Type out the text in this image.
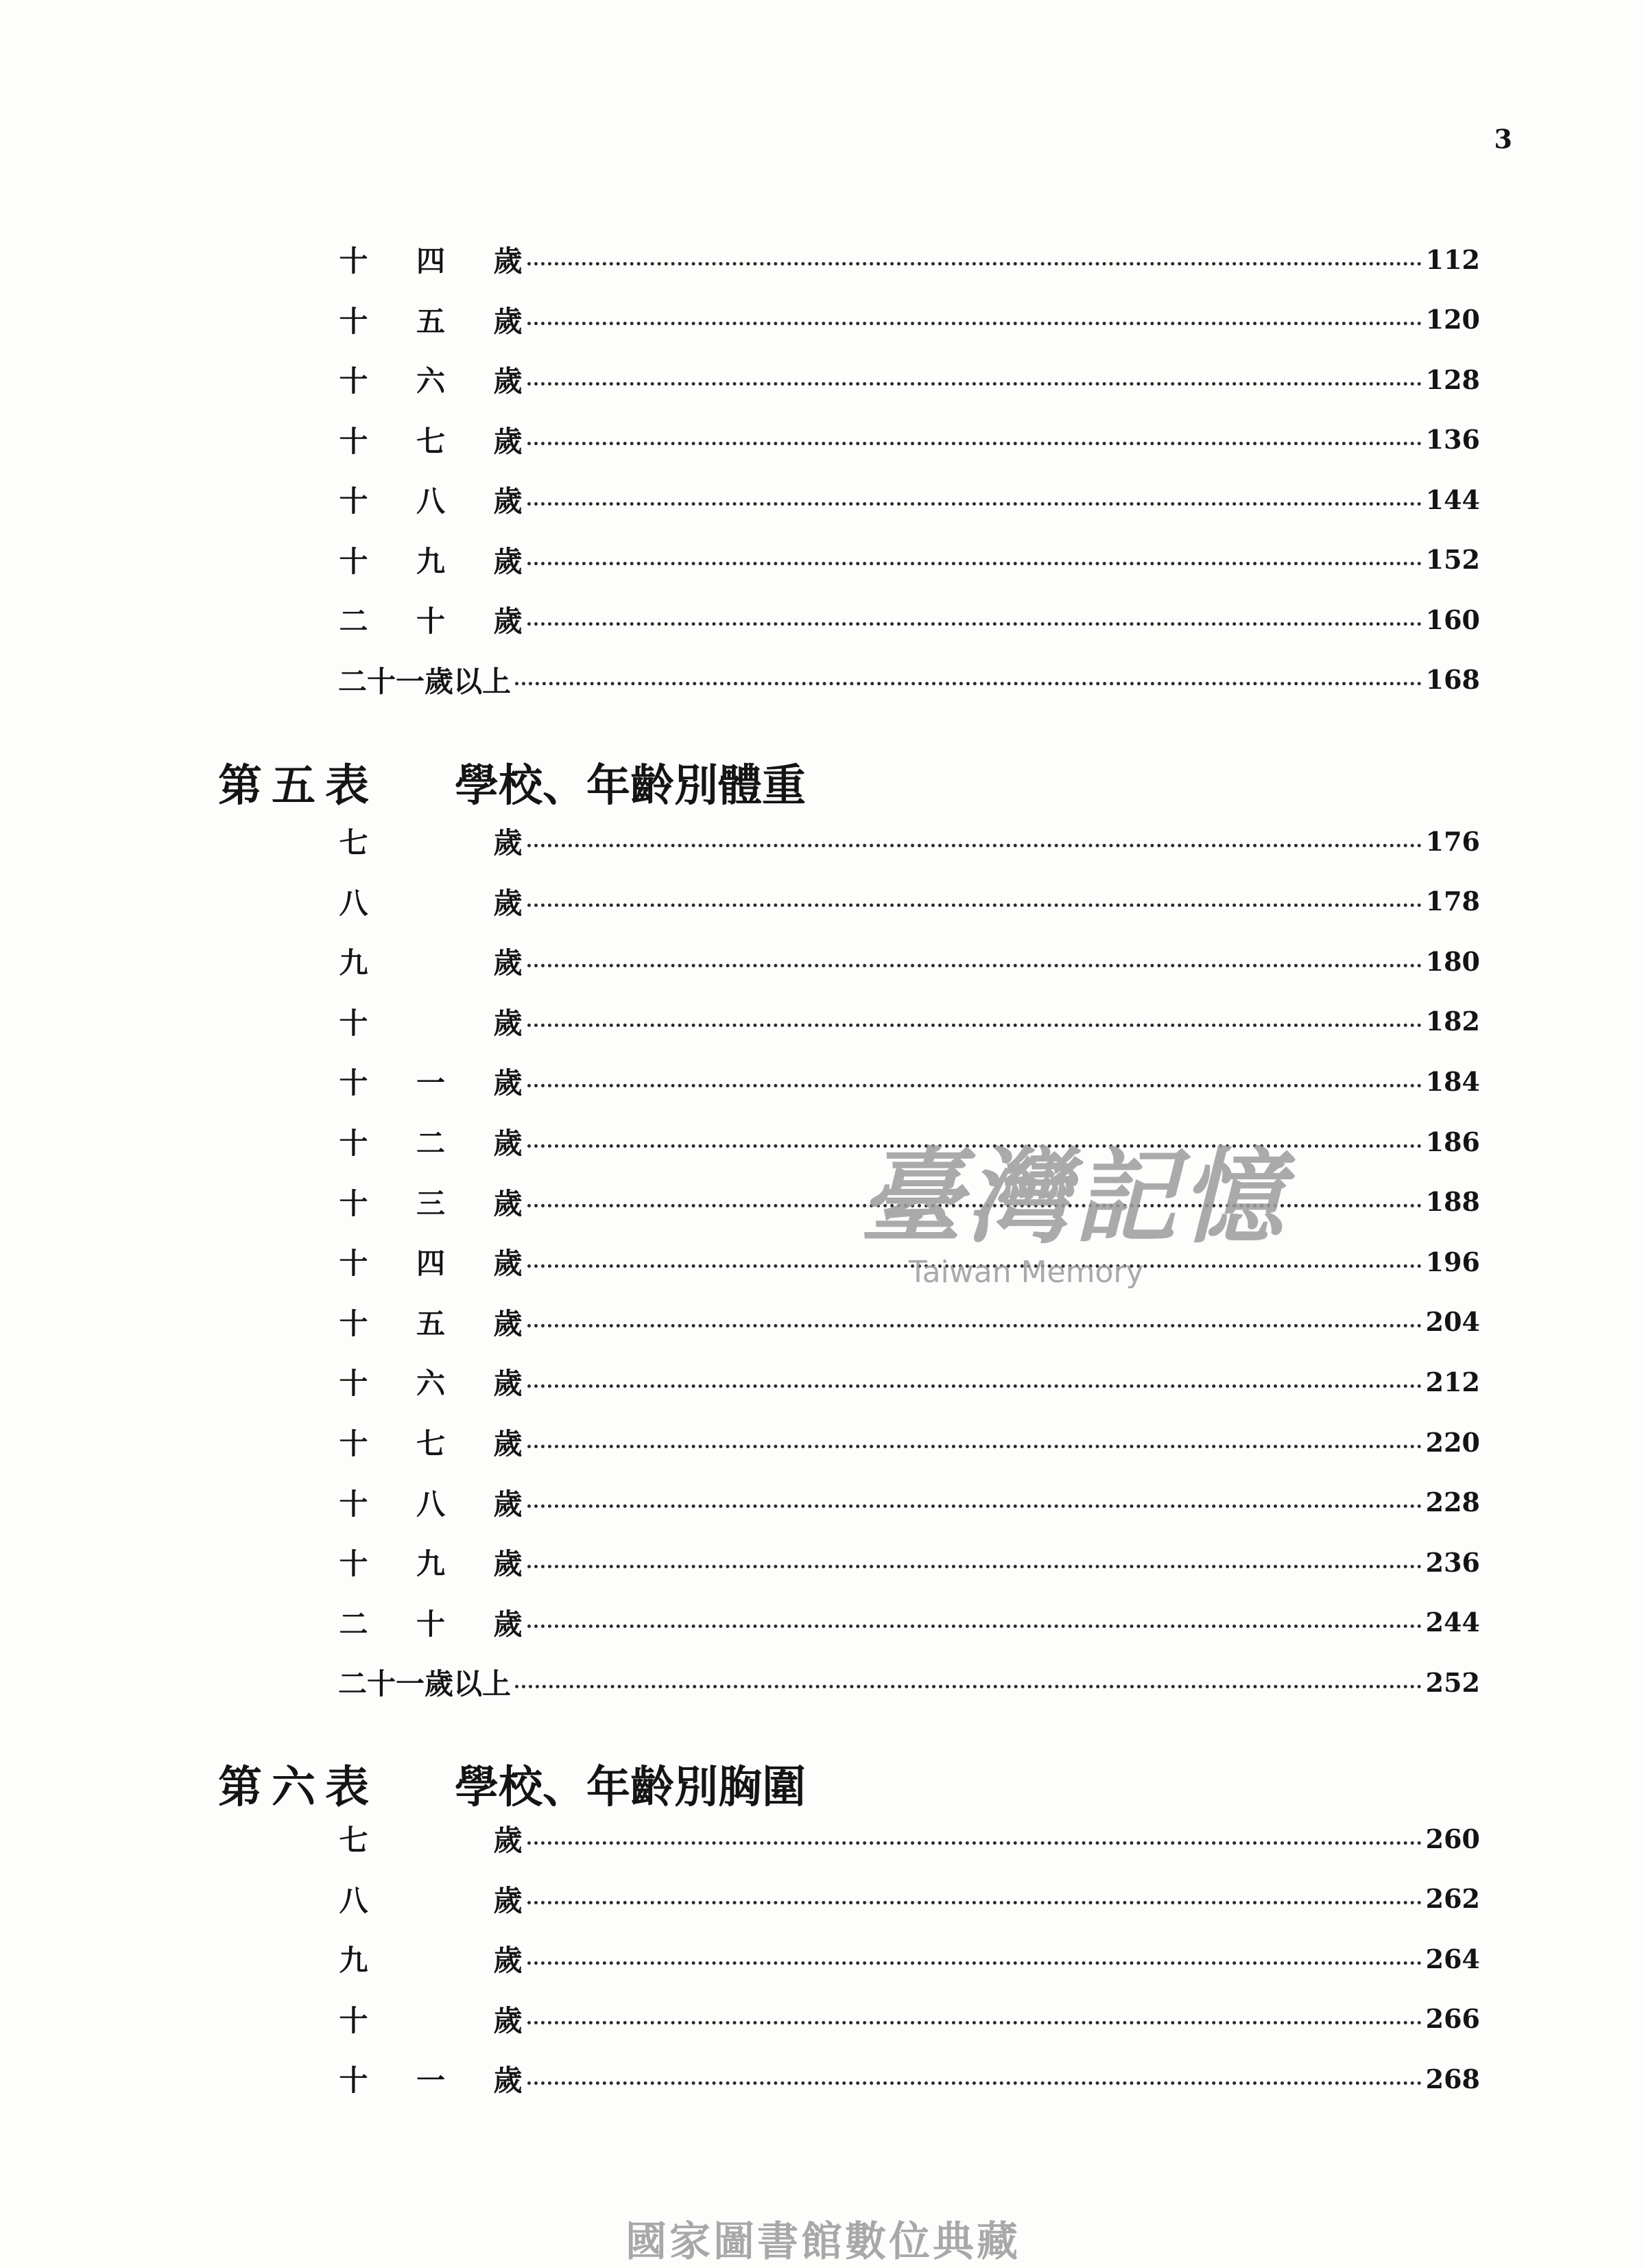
3
十 四 歲	112
十 五 歲	120
十 六 歲	128
十 七 歲	136
十 八 歲	144
十 九 歲	152
二 十 歲	160
二十一歲以上	168
第五表	學校、年齡別體重
七	歲	176
八	歲	178
九	歲	180
十	歲	182
十 一 歲	184
十 二 歲	186
十 三 歲	188
十 四 歲	196
十 五 歲	204
十 六 歲	212
十 七 歲	220
十 八 歲	228
十 九 歲	236
二 十 歲	244
二十一歲以上	252
第六表	學校、年齡別胸圍
七	歲	260
八	歲	262
九	歲	264
十	歲	266
十 一 歲	268
臺灣記憶
Taiwan Memory
國家圖書館數位典藏
